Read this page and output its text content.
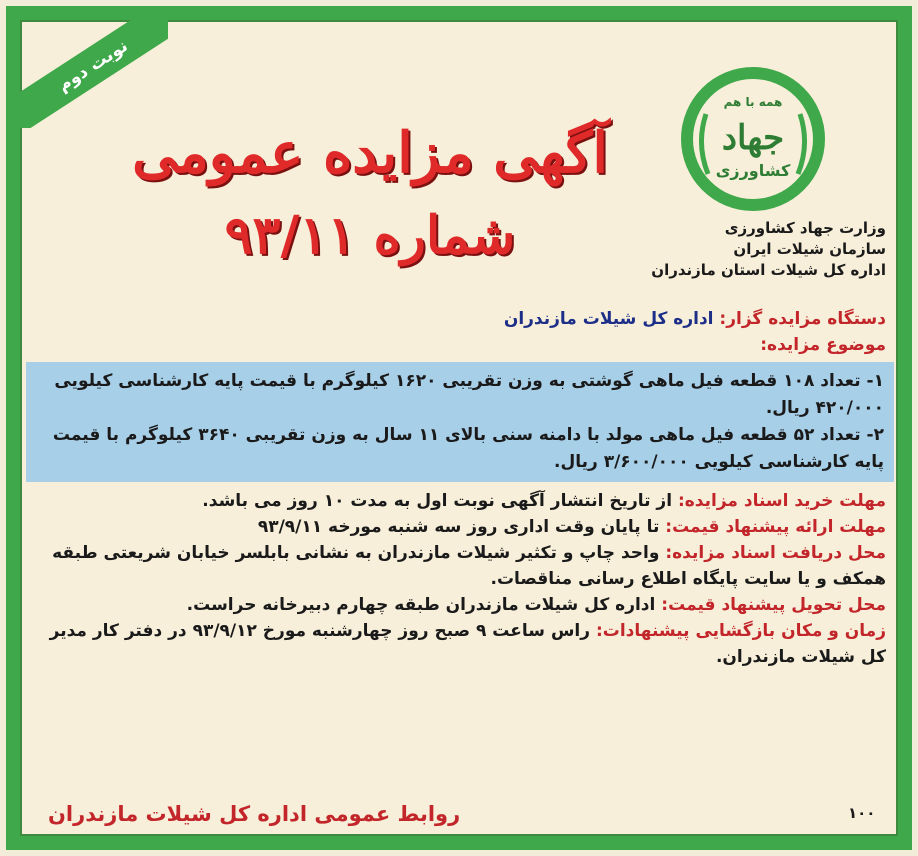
نوبت دوم
همه با هم
جهاد
کشاورزی
آگهی مزایده عمومی
شماره ۹۳/۱۱	وزارت جهاد کشاورزی
سازمان شیلات ایران
اداره کل شیلات استان مازندران

دستگاه مزایده گزار: اداره کل شیلات مازندران

موضوع مزایده:

۱- تعداد ۱۰۸ قطعه فیل ماهی گوشتی به وزن تقریبی ۱۶۲۰ کیلوگرم با قیمت پایه کارشناسی کیلویی ۴۲۰/۰۰۰ ریال.
۲- تعداد ۵۲ قطعه فیل ماهی مولد با دامنه سنی بالای ۱۱ سال به وزن تقریبی ۳۶۴۰ کیلوگرم با قیمت پایه کارشناسی کیلویی ۳/۶۰۰/۰۰۰ ریال.

مهلت خرید اسناد مزایده: از تاریخ انتشار آگهی نوبت اول به مدت ۱۰ روز می باشد.

مهلت ارائه پیشنهاد قیمت: تا پایان وقت اداری روز سه شنبه مورخه ۹۳/۹/۱۱

محل دریافت اسناد مزایده: واحد چاپ و تکثیر شیلات مازندران به نشانی بابلسر خیابان شریعتی طبقه همکف و یا سایت پایگاه اطلاع رسانی مناقصات.

محل تحویل پیشنهاد قیمت: اداره کل شیلات مازندران طبقه چهارم دبیرخانه حراست.

زمان و مکان بازگشایی پیشنهادات: راس ساعت ۹ صبح روز چهارشنبه مورخ ۹۳/۹/۱۲ در دفتر کار مدیر کل شیلات مازندران.

روابط عمومی اداره کل شیلات مازندران	۱۰۰
